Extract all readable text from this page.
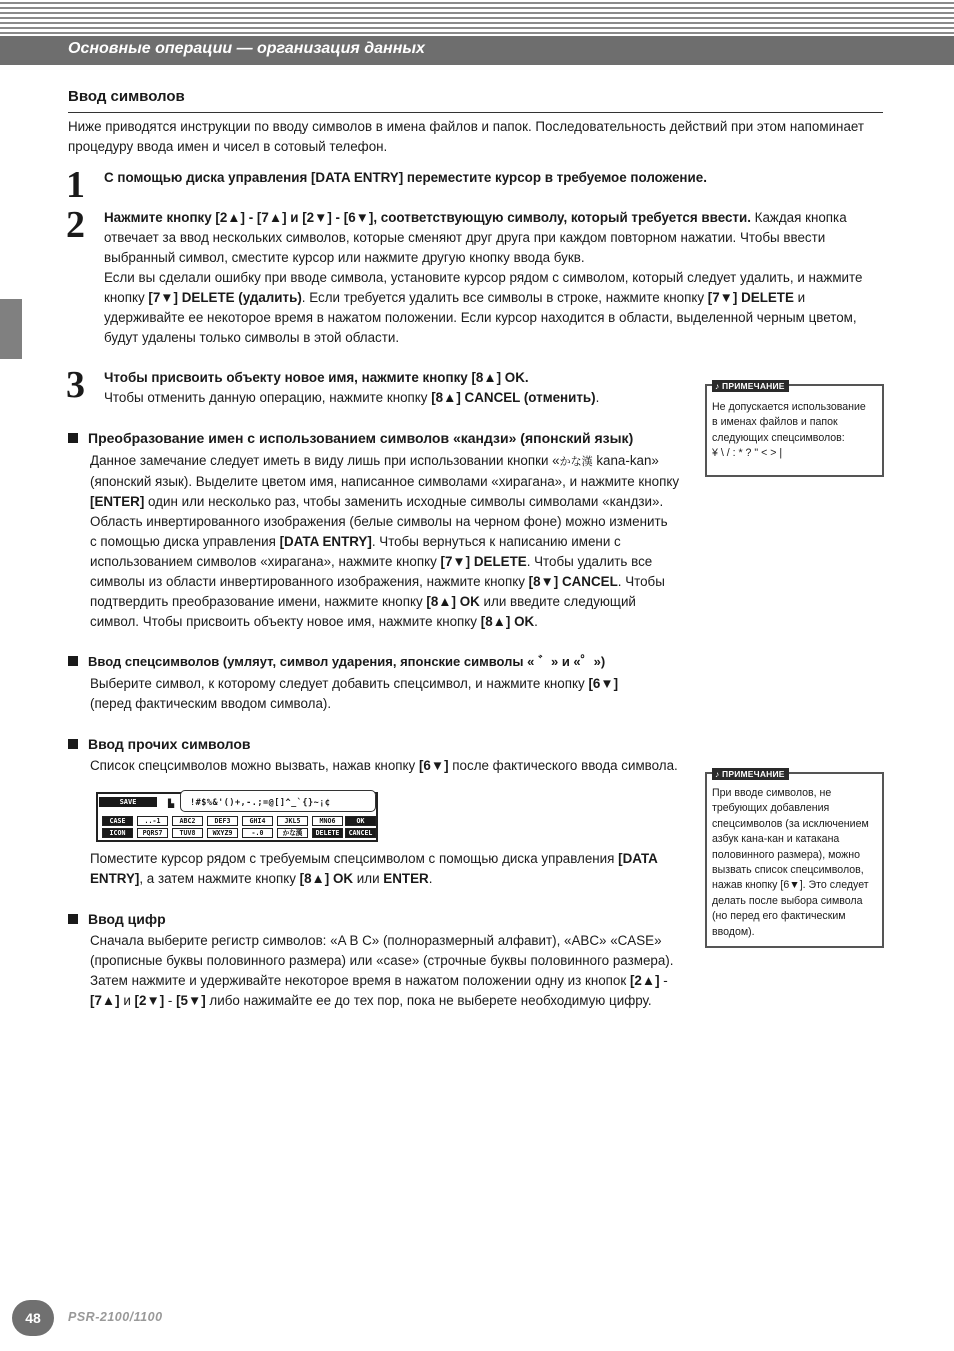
Основные операции — организация данных
Ввод символов
Ниже приводятся инструкции по вводу символов в имена файлов и папок. Последовательность действий при этом напоминает
процедуру ввода имен и чисел в сотовый телефон.
1 С помощью диска управления [DATA ENTRY] переместите курсор в требуемое положение.
2 Нажмите кнопку [2▲] - [7▲] и [2▼] - [6▼], соответствующую символу, который требуется ввести. Каждая кнопка
отвечает за ввод нескольких символов, которые сменяют друг друга при каждом повторном нажатии. Чтобы ввести
выбранный символ, сместите курсор или нажмите другую кнопку ввода букв.
Если вы сделали ошибку при вводе символа, установите курсор рядом с символом, который следует удалить, и нажмите
кнопку [7▼] DELETE (удалить). Если требуется удалить все символы в строке, нажмите кнопку [7▼] DELETE и
удерживайте ее некоторое время в нажатом положении. Если курсор находится в области, выделенной черным цветом,
будут удалены только символы в этой области.
3 Чтобы присвоить объекту новое имя, нажмите кнопку [8▲] OK.
Чтобы отменить данную операцию, нажмите кнопку [8▲] CANCEL (отменить).
Преобразование имен с использованием символов «кандзи» (японский язык)
Данное замечание следует иметь в виду лишь при использовании кнопки «かな漢 kana-kan»
(японский язык). Выделите цветом имя, написанное символами «хирагана», и нажмите кнопку
[ENTER] один или несколько раз, чтобы заменить исходные символы символами «кандзи».
Область инвертированного изображения (белые символы на черном фоне) можно изменить
с помощью диска управления [DATA ENTRY]. Чтобы вернуться к написанию имени с
использованием символов «хирагана», нажмите кнопку [7▼] DELETE. Чтобы удалить все
символы из области инвертированного изображения, нажмите кнопку [8▼] CANCEL. Чтобы
подтвердить преобразование имени, нажмите кнопку [8▲] OK или введите следующий
символ. Чтобы присвоить объекту новое имя, нажмите кнопку [8▲] OK.
Ввод спецсимволов (умляут, символ ударения, японские символы « ゛» и «゜»)
Выберите символ, к которому следует добавить спецсимвол, и нажмите кнопку [6▼]
(перед фактическим вводом символа).
Ввод прочих символов
Список спецсимволов можно вызвать, нажав кнопку [6▼] после фактического ввода символа.
SAVE	▙ !#$%&'()+,-.;=@[]^_`{}~¡¢
CASE	..-1	ABC2	DEF3	GHI4	JKL5	MNO6	OK
ICON	PQRS7	TUV8	WXYZ9	-.0	かな漢	DELETE	CANCEL
Поместите курсор рядом с требуемым спецсимволом с помощью диска управления [DATA
ENTRY], а затем нажмите кнопку [8▲] OK или ENTER.
Ввод цифр
Сначала выберите регистр символов: «A B C» (полноразмерный алфавит), «ABC» «CASE»
(прописные буквы половинного размера) или «case» (строчные буквы половинного размера).
Затем нажмите и удерживайте некоторое время в нажатом положении одну из кнопок [2▲] -
[7▲] и [2▼] - [5▼] либо нажимайте ее до тех пор, пока не выберете необходимую цифру.
♪ ПРИМЕЧАНИЕ
Не допускается использование
в именах файлов и папок
следующих спецсимволов:
¥ \ / : * ? " < > |
♪ ПРИМЕЧАНИЕ
При вводе символов, не
требующих добавления
спецсимволов (за исключением
азбук кана-кан и катакана
половинного размера), можно
вызвать список спецсимволов,
нажав кнопку [6▼]. Это следует
делать после выбора символа
(но перед его фактическим
вводом).
48	PSR-2100/1100
